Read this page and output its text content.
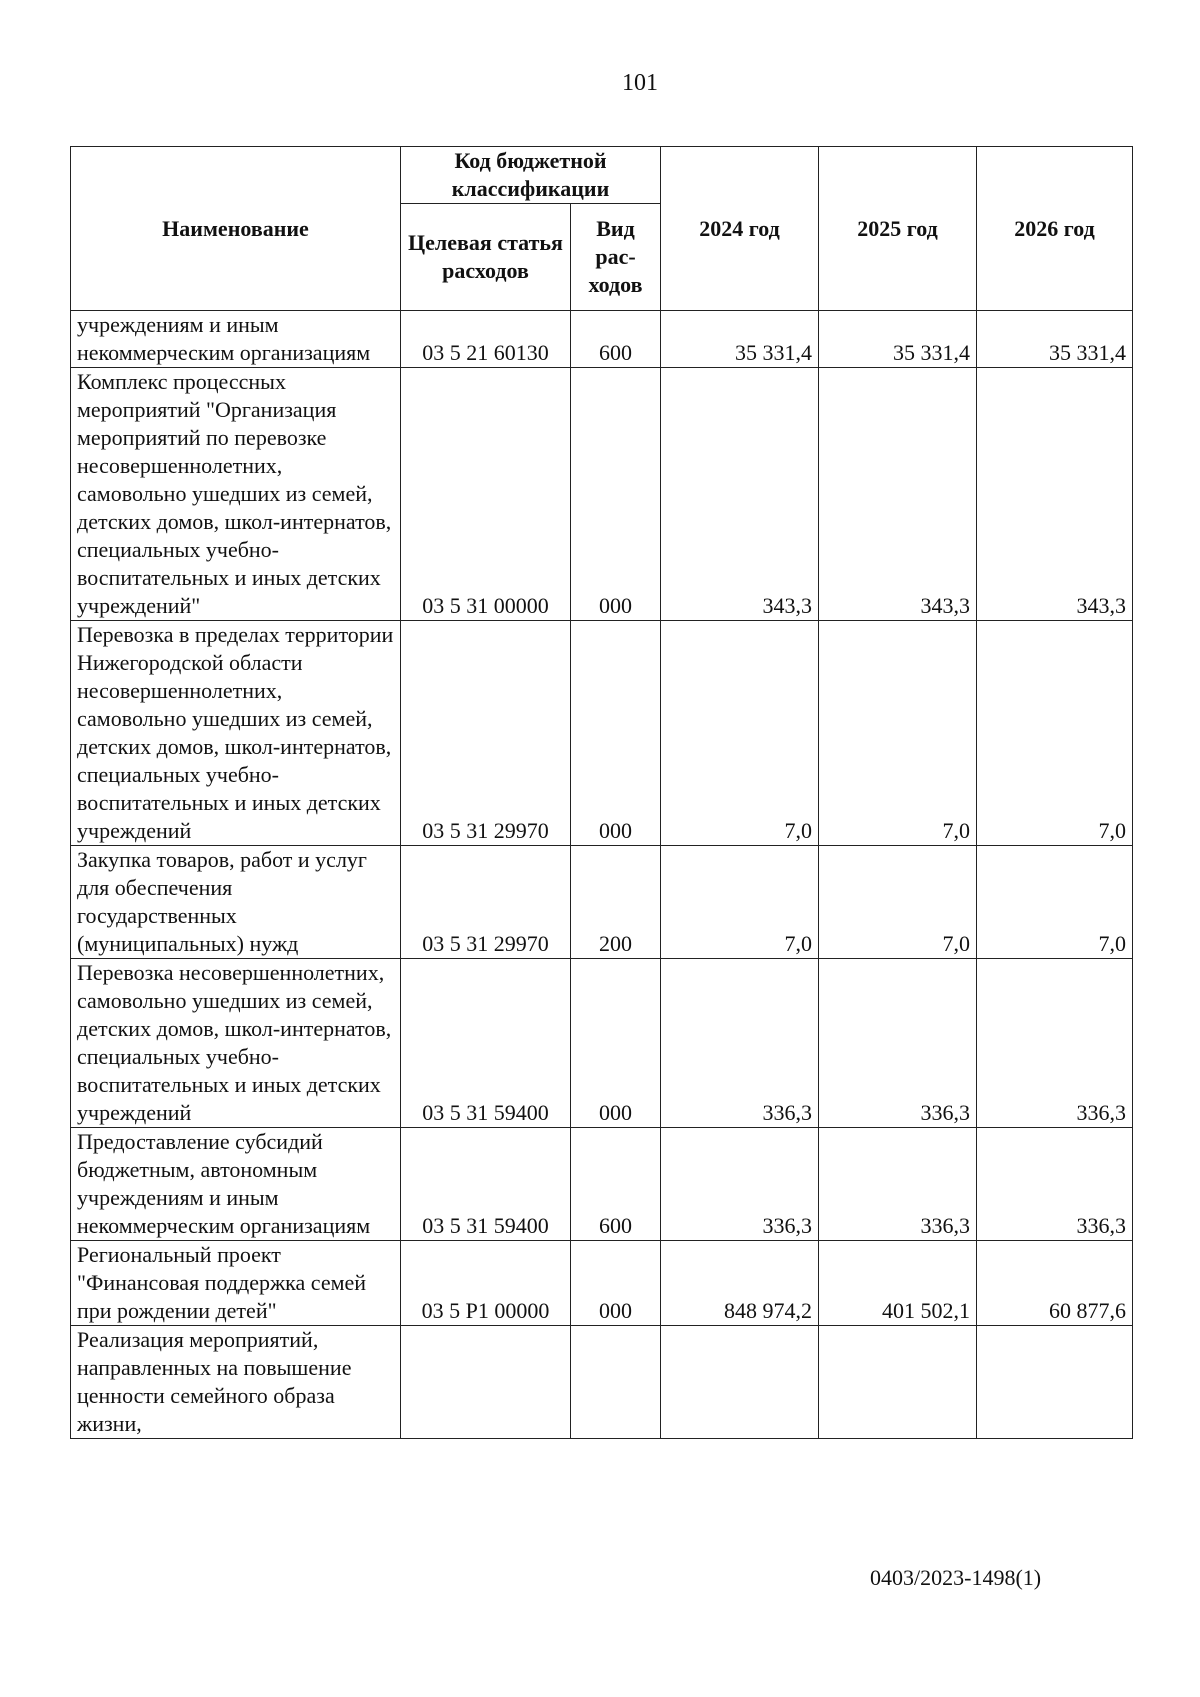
101
Наименование	Код бюджетной классификации		2024 год	2025 год	2026 год
	Целевая статья расходов	Вид рас-ходов			
учреждениям и иным некоммерческим организациям	03 5 21 60130	600	35 331,4	35 331,4	35 331,4
Комплекс процессных мероприятий "Организация мероприятий по перевозке несовершеннолетних, самовольно ушедших из семей, детских домов, школ-интернатов, специальных учебно-воспитательных и иных детских учреждений"	03 5 31 00000	000	343,3	343,3	343,3
Перевозка в пределах территории Нижегородской области несовершеннолетних, самовольно ушедших из семей, детских домов, школ-интернатов, специальных учебно-воспитательных и иных детских учреждений	03 5 31 29970	000	7,0	7,0	7,0
Закупка товаров, работ и услуг для обеспечения государственных (муниципальных) нужд	03 5 31 29970	200	7,0	7,0	7,0
Перевозка несовершеннолетних, самовольно ушедших из семей, детских домов, школ-интернатов, специальных учебно-воспитательных и иных детских учреждений	03 5 31 59400	000	336,3	336,3	336,3
Предоставление субсидий бюджетным, автономным учреждениям и иным некоммерческим организациям	03 5 31 59400	600	336,3	336,3	336,3
Региональный проект "Финансовая поддержка семей при рождении детей"	03 5 Р1 00000	000	848 974,2	401 502,1	60 877,6
Реализация мероприятий, направленных на повышение ценности семейного образа жизни,					
0403/2023-1498(1)
